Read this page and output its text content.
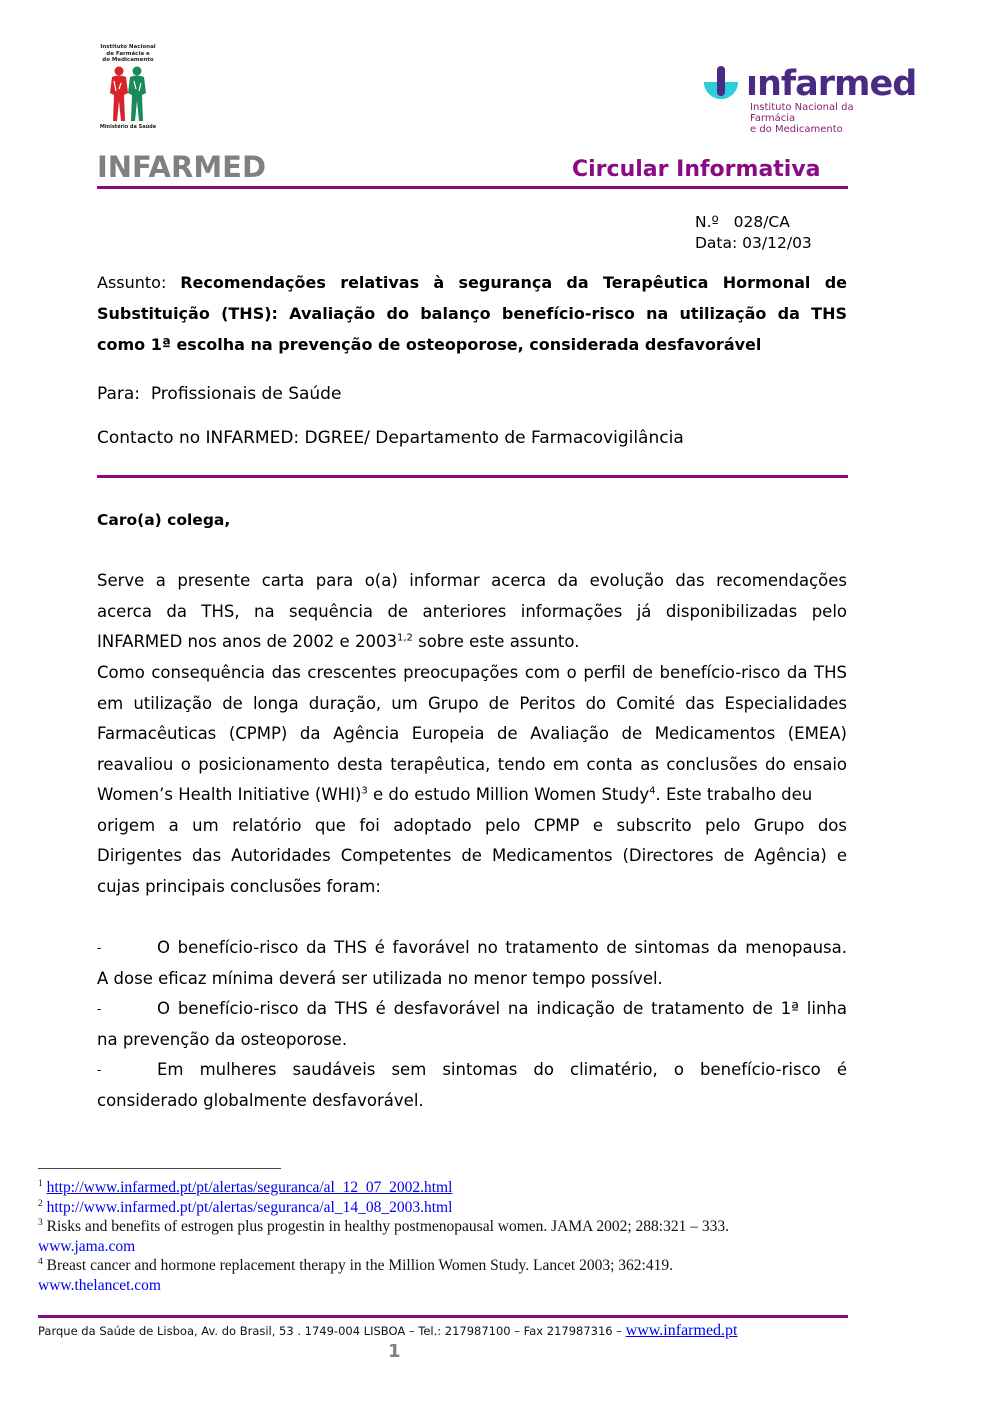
Instituto Nacional
de Farmácia e
do Medicamento
Ministério da Saúde
ınfarmed
Instituto Nacional da Farmácia
e do Medicamento
INFARMED	Circular Informativa
N.º 028/CA
Data: 03/12/03
Assunto: Recomendações relativas à segurança da Terapêutica Hormonal de
Substituição (THS): Avaliação do balanço benefício-risco na utilização da THS
como 1ª escolha na prevenção de osteoporose, considerada desfavorável
Para: Profissionais de Saúde
Contacto no INFARMED: DGREE/ Departamento de Farmacovigilância
Caro(a) colega,
Serve a presente carta para o(a) informar acerca da evolução das recomendações
acerca da THS, na sequência de anteriores informações já disponibilizadas pelo
INFARMED nos anos de 2002 e 2003$^{1,2}$ sobre este assunto.
Como consequência das crescentes preocupações com o perfil de benefício-risco da THS
em utilização de longa duração, um Grupo de Peritos do Comité das Especialidades
Farmacêuticas (CPMP) da Agência Europeia de Avaliação de Medicamentos (EMEA)
reavaliou o posicionamento desta terapêutica, tendo em conta as conclusões do ensaio
Women’s Health Initiative (WHI)$^3$ e do estudo Million Women Study$^4$. Este trabalho deu
origem a um relatório que foi adoptado pelo CPMP e subscrito pelo Grupo dos
Dirigentes das Autoridades Competentes de Medicamentos (Directores de Agência) e
cujas principais conclusões foram:
-	O benefício-risco da THS é favorável no tratamento de sintomas da menopausa.
A dose eficaz mínima deverá ser utilizada no menor tempo possível.
-	O benefício-risco da THS é desfavorável na indicação de tratamento de 1ª linha
na prevenção da osteoporose.
-	Em mulheres saudáveis sem sintomas do climatério, o benefício-risco é
considerado globalmente desfavorável.
$^1$ http://www.infarmed.pt/pt/alertas/seguranca/al_12_07_2002.html
$^2$ http://www.infarmed.pt/pt/alertas/seguranca/al_14_08_2003.html
$^3$ Risks and benefits of estrogen plus progestin in healthy postmenopausal women. JAMA 2002; 288:321 – 333.
www.jama.com
$^4$ Breast cancer and hormone replacement therapy in the Million Women Study. Lancet 2003; 362:419.
www.thelancet.com
Parque da Saúde de Lisboa, Av. do Brasil, 53 . 1749-004 LISBOA – Tel.: 217987100 – Fax 217987316 – www.infarmed.pt
1
